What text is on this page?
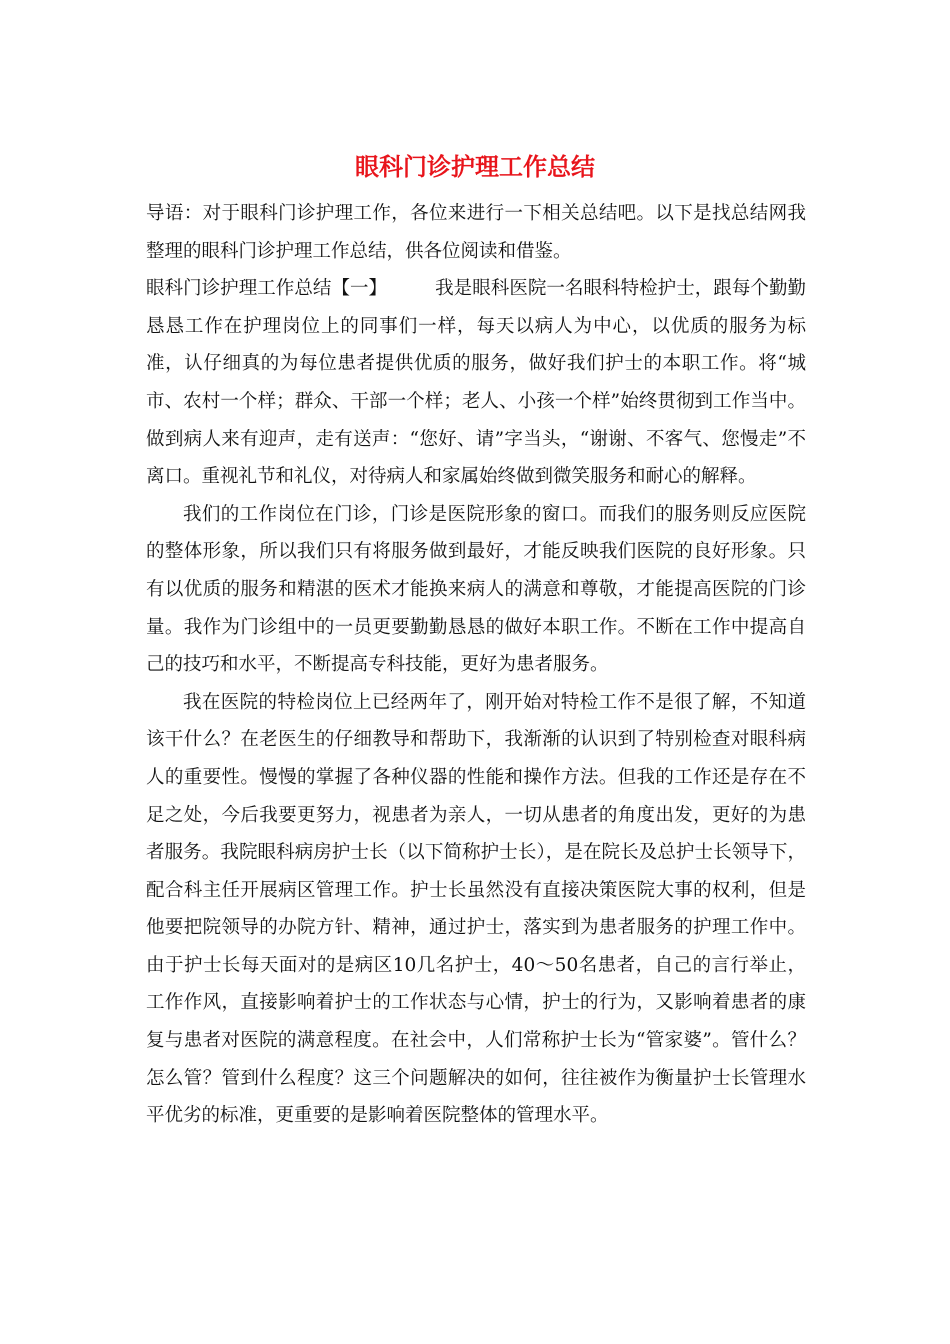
眼科门诊护理工作总结

导语：对于眼科门诊护理工作，各位来进行一下相关总结吧。以下是找总结网我整理的眼科门诊护理工作总结，供各位阅读和借鉴。

眼科门诊护理工作总结【一】	我是眼科医院一名眼科特检护士，跟每个勤勤恳恳工作在护理岗位上的同事们一样，每天以病人为中心，以优质的服务为标准，认仔细真的为每位患者提供优质的服务，做好我们护士的本职工作。将“城市、农村一个样；群众、干部一个样；老人、小孩一个样”始终贯彻到工作当中。做到病人来有迎声，走有送声：“您好、请”字当头，“谢谢、不客气、您慢走”不离口。重视礼节和礼仪，对待病人和家属始终做到微笑服务和耐心的解释。

我们的工作岗位在门诊，门诊是医院形象的窗口。而我们的服务则反应医院的整体形象，所以我们只有将服务做到最好，才能反映我们医院的良好形象。只有以优质的服务和精湛的医术才能换来病人的满意和尊敬，才能提高医院的门诊量。我作为门诊组中的一员更要勤勤恳恳的做好本职工作。不断在工作中提高自己的技巧和水平，不断提高专科技能，更好为患者服务。

我在医院的特检岗位上已经两年了，刚开始对特检工作不是很了解，不知道该干什么？在老医生的仔细教导和帮助下，我渐渐的认识到了特别检查对眼科病人的重要性。慢慢的掌握了各种仪器的性能和操作方法。但我的工作还是存在不足之处，今后我要更努力，视患者为亲人，一切从患者的角度出发，更好的为患者服务。我院眼科病房护士长（以下简称护士长），是在院长及总护士长领导下，配合科主任开展病区管理工作。护士长虽然没有直接决策医院大事的权利，但是他要把院领导的办院方针、精神，通过护士，落实到为患者服务的护理工作中。由于护士长每天面对的是病区10几名护士，40～50名患者，自己的言行举止，工作作风，直接影响着护士的工作状态与心情，护士的行为，又影响着患者的康复与患者对医院的满意程度。在社会中，人们常称护士长为“管家婆”。管什么？怎么管？管到什么程度？这三个问题解决的如何，往往被作为衡量护士长管理水平优劣的标准，更重要的是影响着医院整体的管理水平。
